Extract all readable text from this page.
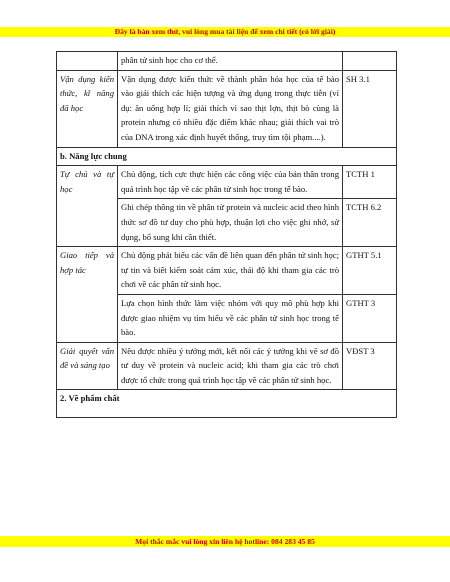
Đây là bản xem thử, vui lòng mua tài liệu để xem chi tiết (có lời giải)
	phân tử sinh học cho cơ thể.	
Vận dụng kiến thức, kĩ năng đã học	Vận dụng được kiến thức về thành phần hóa học của tế bào vào giải thích các hiện tượng và ứng dụng trong thực tiễn (ví dụ: ăn uống hợp lí; giải thích vì sao thịt lợn, thịt bò cùng là protein nhưng có nhiều đặc điểm khác nhau; giải thích vai trò của DNA trong xác định huyết thống, truy tìm tội phạm....).	SH 3.1
b. Năng lực chung		
Tự chủ và tự học	Chủ động, tích cực thực hiện các công việc của bản thân trong quá trình học tập về các phân tử sinh học trong tế bào.	TCTH 1
	Ghi chép thông tin về phân tử protein và nucleic acid theo hình thức sơ đồ tư duy cho phù hợp, thuận lợi cho việc ghi nhớ, sử dụng, bổ sung khi cần thiết.	TCTH 6.2
Giao tiếp và hợp tác	Chủ động phát biểu các vấn đề liên quan đến phân tử sinh học; tự tin và biết kiểm soát cảm xúc, thái độ khi tham gia các trò chơi về các phân tử sinh học.	GTHT 5.1
	Lựa chọn hình thức làm việc nhóm với quy mô phù hợp khi được giao nhiệm vụ tìm hiểu về các phân tử sinh học trong tế bào.	GTHT 3
Giải quyết vấn đề và sáng tạo	Nêu được nhiều ý tưởng mới, kết nối các ý tưởng khi vẽ sơ đồ tư duy về protein và nucleic acid; khi tham gia các trò chơi được tổ chức trong quá trình học tập về các phân tử sinh học.	VĐST 3
2. Về phẩm chất		
Mọi thắc mắc vui lòng xin liên hệ hotline: 084 283 45 85
